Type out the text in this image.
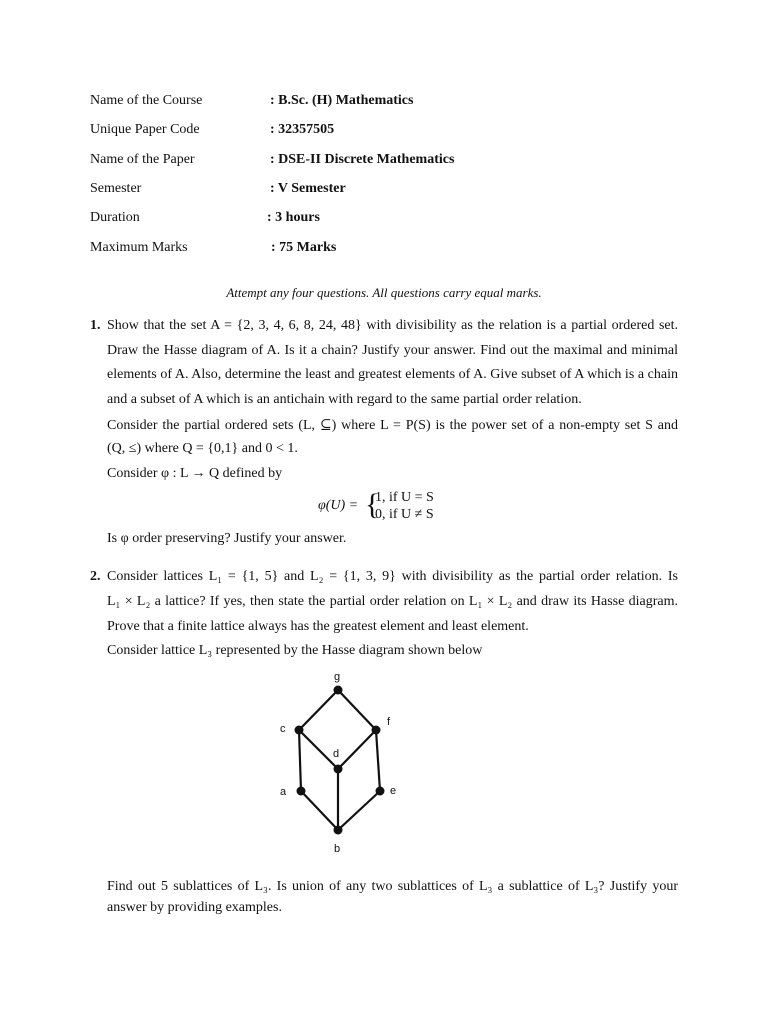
Name of the Course	: B.Sc. (H) Mathematics
Unique Paper Code	: 32357505
Name of the Paper	: DSE-II Discrete Mathematics
Semester	: V Semester
Duration	: 3 hours
Maximum Marks	: 75 Marks
Attempt any four questions. All questions carry equal marks.
1. Show that the set A = {2, 3, 4, 6, 8, 24, 48} with divisibility as the relation is a partial ordered set.
Draw the Hasse diagram of A. Is it a chain? Justify your answer. Find out the maximal and minimal
elements of A. Also, determine the least and greatest elements of A. Give subset of A which is a chain
and a subset of A which is an antichain with regard to the same partial order relation.
Consider the partial ordered sets (L, ⊆) where L = P(S) is the power set of a non-empty set S and
(Q, ≤) where Q = {0,1} and 0 < 1.
Consider φ : L → Q defined by
φ(U) = {
1, if U = S
0, if U ≠ S
Is φ order preserving? Justify your answer.
2. Consider lattices L₁ = {1, 5} and L₂ = {1, 3, 9} with divisibility as the partial order relation. Is
L₁ × L₂ a lattice? If yes, then state the partial order relation on L₁ × L₂ and draw its Hasse diagram.
Prove that a finite lattice always has the greatest element and least element.
Consider lattice L₃ represented by the Hasse diagram shown below
g
c
f
d
a	e
b
Find out 5 sublattices of L₃. Is union of any two sublattices of L₃ a sublattice of L₃? Justify your
answer by providing examples.
